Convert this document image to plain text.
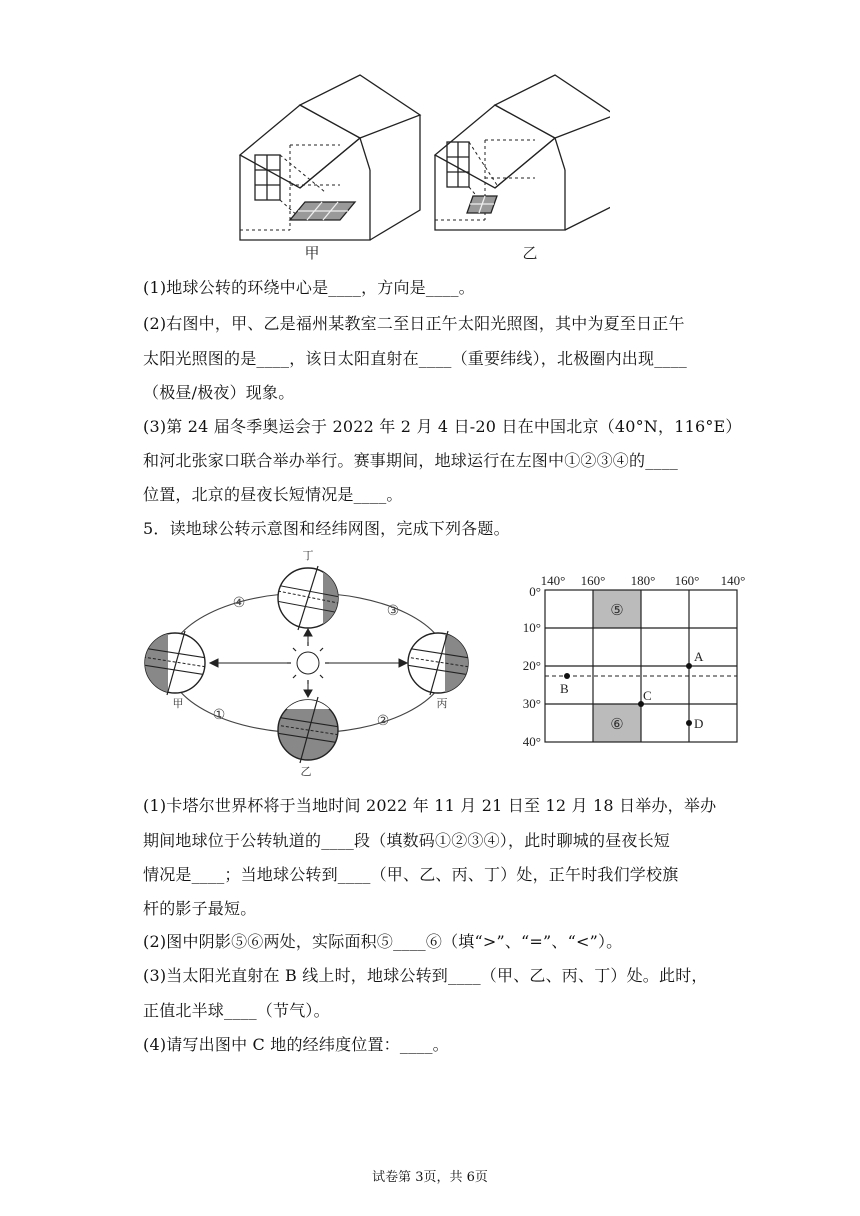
甲	乙
(1)地球公转的环绕中心是____，方向是____。
(2)右图中，甲、乙是福州某教室二至日正午太阳光照图，其中为夏至日正午
太阳光照图的是____，该日太阳直射在____（重要纬线），北极圈内出现____
（极昼/极夜）现象。
(3)第 24 届冬季奥运会于 2022 年 2 月 4 日-20 日在中国北京（40°N，116°E）
和河北张家口联合举办举行。赛事期间，地球运行在左图中①②③④的____
位置，北京的昼夜长短情况是____。
5．读地球公转示意图和经纬网图，完成下列各题。
丁
甲	丙
乙
④
③
①	②
140° 160° 180° 160° 140°
0°
10°
20°
30°
40°
⑤
⑥
A
B	C
D
(1)卡塔尔世界杯将于当地时间 2022 年 11 月 21 日至 12 月 18 日举办，举办
期间地球位于公转轨道的____段（填数码①②③④），此时聊城的昼夜长短
情况是____；当地球公转到____（甲、乙、丙、丁）处，正午时我们学校旗
杆的影子最短。
(2)图中阴影⑤⑥两处，实际面积⑤____⑥（填“>”、“=”、“<”）。
(3)当太阳光直射在 B 线上时，地球公转到____（甲、乙、丙、丁）处。此时，
正值北半球____（节气）。
(4)请写出图中 C 地的经纬度位置：____。
试卷第 3页，共 6页
